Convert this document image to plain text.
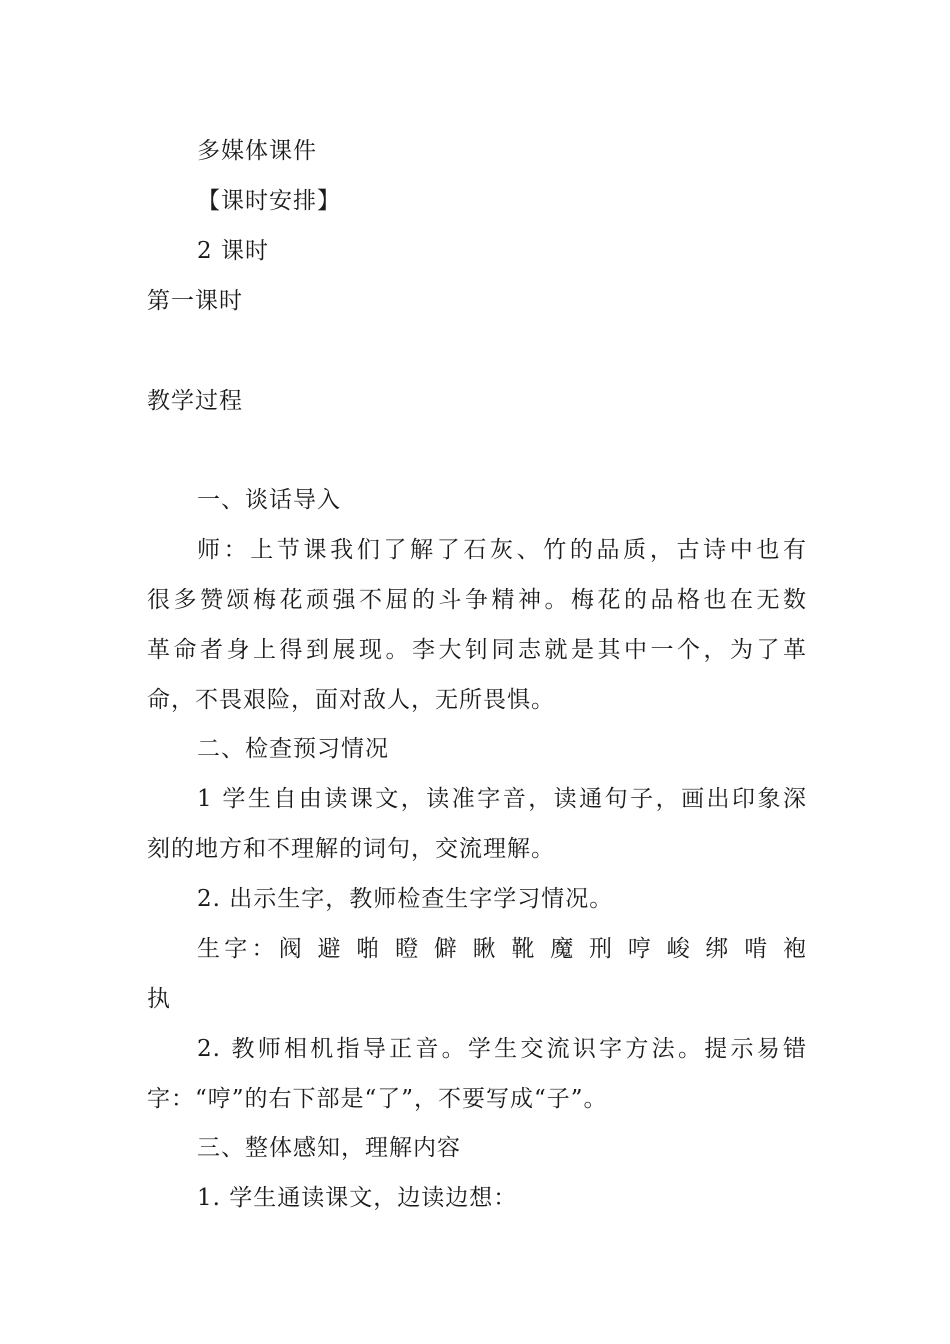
多媒体课件
【课时安排】
2 课时
第一课时
教学过程
一、谈话导入
师：上节课我们了解了石灰、竹的品质，古诗中也有
很多赞颂梅花顽强不屈的斗争精神。梅花的品格也在无数
革命者身上得到展现。李大钊同志就是其中一个，为了革
命，不畏艰险，面对敌人，无所畏惧。
二、检查预习情况
1 学生自由读课文，读准字音，读通句子，画出印象深
刻的地方和不理解的词句，交流理解。
2. 出示生字，教师检查生字学习情况。
生字：阀 避 啪 瞪 僻 瞅 靴 魔 刑 哼 峻 绑 啃 袍
执
2. 教师相机指导正音。学生交流识字方法。提示易错
字：“哼”的右下部是“了”，不要写成“子”。
三、整体感知，理解内容
1. 学生通读课文，边读边想：
